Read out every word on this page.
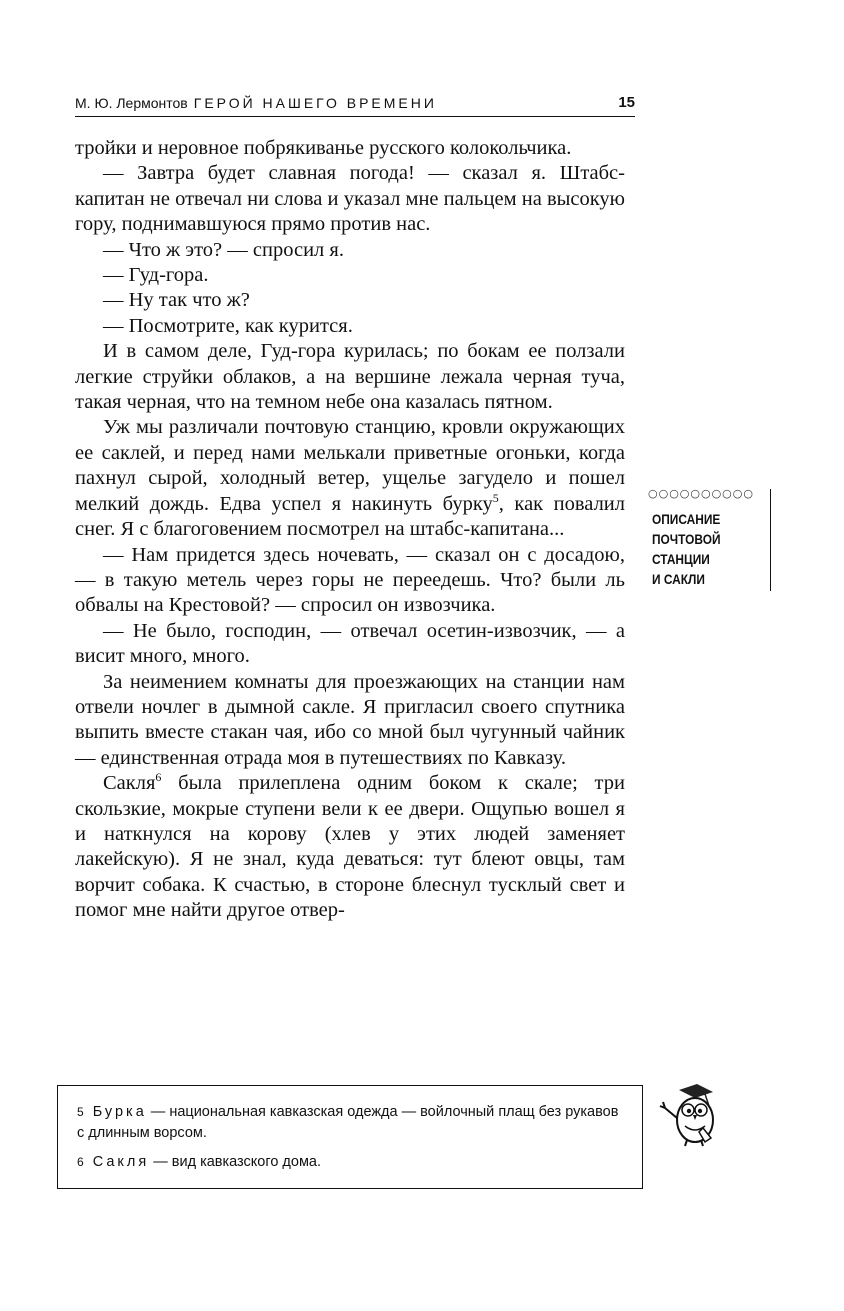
М. Ю. Лермонтов ГЕРОЙ НАШЕГО ВРЕМЕНИ	15

тройки и неровное побрякиванье русского колокольчика.

— Завтра будет славная погода! — сказал я. Штабс-капитан не отвечал ни слова и указал мне пальцем на высокую гору, поднимавшуюся прямо против нас.

— Что ж это? — спросил я.

— Гуд-гора.

— Ну так что ж?

— Посмотрите, как курится.

И в самом деле, Гуд-гора курилась; по бокам ее ползали легкие струйки облаков, а на вершине лежала черная туча, такая черная, что на темном небе она казалась пятном.

Уж мы различали почтовую станцию, кровли окружающих ее саклей, и перед нами мелькали приветные огоньки, когда пахнул сырой, холодный ветер, ущелье загудело и пошел мелкий дождь. Едва успел я накинуть бурку$^5$, как повалил снег. Я с благоговением посмотрел на штабс-капитана...

— Нам придется здесь ночевать, — сказал он с досадою, — в такую метель через горы не переедешь. Что? были ль обвалы на Крестовой? — спросил он извозчика.

— Не было, господин, — отвечал осетин-извозчик, — а висит много, много.

За неимением комнаты для проезжающих на станции нам отвели ночлег в дымной сакле. Я пригласил своего спутника выпить вместе стакан чая, ибо со мной был чугунный чайник — единственная отрада моя в путешествиях по Кавказу.

Сакля$^6$ была прилеплена одним боком к скале; три скользкие, мокрые ступени вели к ее двери. Ощупью вошел я и наткнулся на корову (хлев у этих людей заменяет лакейскую). Я не знал, куда деваться: тут блеют овцы, там ворчит собака. К счастью, в стороне блеснул тусклый свет и помог мне найти другое отвер-

○○○○○○○○○○
ОПИСАНИЕ
ПОЧТОВОЙ
СТАНЦИИ
И САКЛИ
$^5$ Бурка — национальная кавказская одежда — войлочный плащ без рукавов с длинным ворсом.
$^6$ Сакля — вид кавказского дома.
